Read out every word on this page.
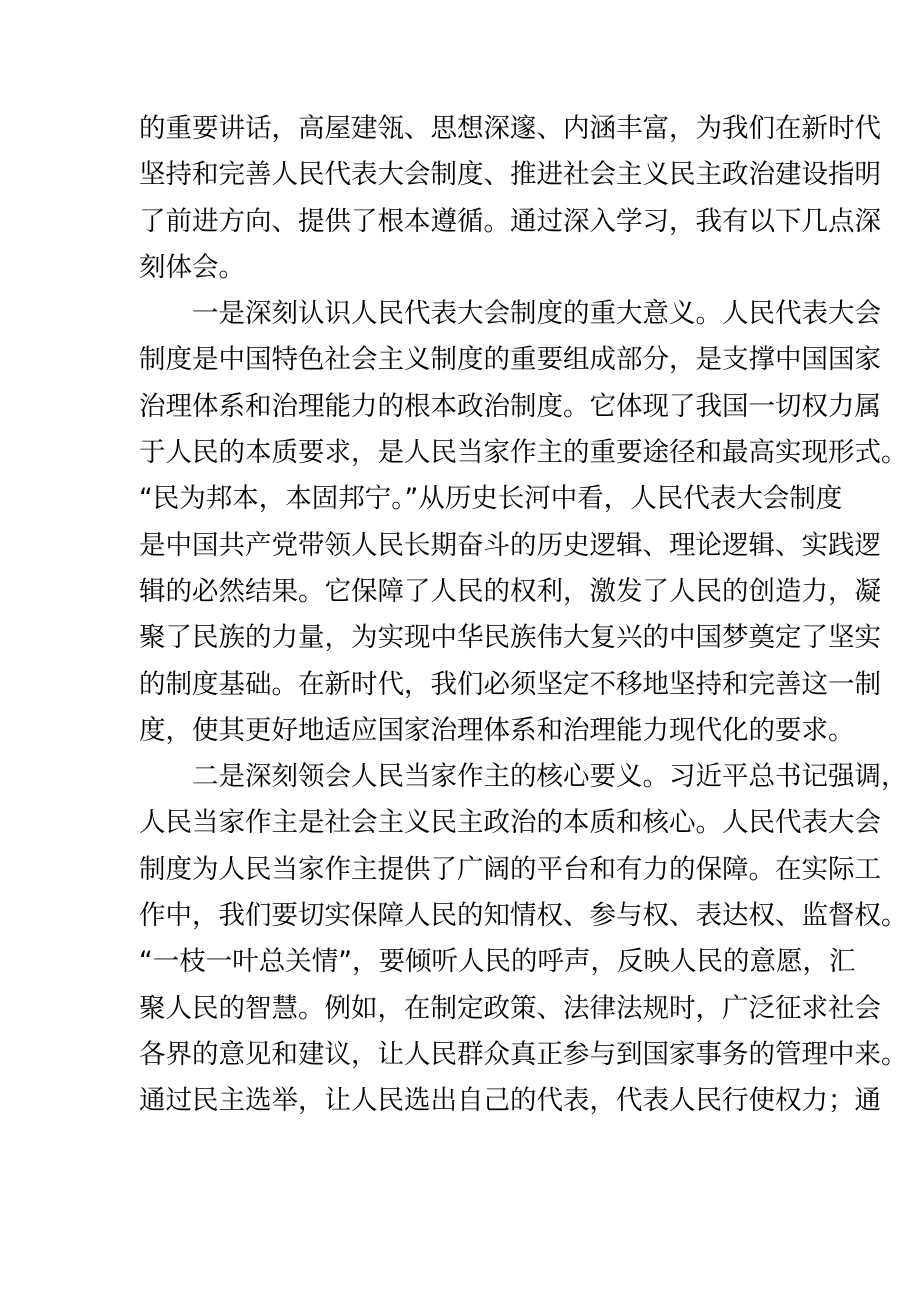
的重要讲话，高屋建瓴、思想深邃、内涵丰富，为我们在新时代
坚持和完善人民代表大会制度、推进社会主义民主政治建设指明
了前进方向、提供了根本遵循。通过深入学习，我有以下几点深
刻体会。
一是深刻认识人民代表大会制度的重大意义。人民代表大会
制度是中国特色社会主义制度的重要组成部分，是支撑中国国家
治理体系和治理能力的根本政治制度。它体现了我国一切权力属
于人民的本质要求，是人民当家作主的重要途径和最高实现形式。
“民为邦本，本固邦宁。”从历史长河中看，人民代表大会制度
是中国共产党带领人民长期奋斗的历史逻辑、理论逻辑、实践逻
辑的必然结果。它保障了人民的权利，激发了人民的创造力，凝
聚了民族的力量，为实现中华民族伟大复兴的中国梦奠定了坚实
的制度基础。在新时代，我们必须坚定不移地坚持和完善这一制
度，使其更好地适应国家治理体系和治理能力现代化的要求。
二是深刻领会人民当家作主的核心要义。习近平总书记强调，
人民当家作主是社会主义民主政治的本质和核心。人民代表大会
制度为人民当家作主提供了广阔的平台和有力的保障。在实际工
作中，我们要切实保障人民的知情权、参与权、表达权、监督权。
“一枝一叶总关情”，要倾听人民的呼声，反映人民的意愿，汇
聚人民的智慧。例如，在制定政策、法律法规时，广泛征求社会
各界的意见和建议，让人民群众真正参与到国家事务的管理中来。
通过民主选举，让人民选出自己的代表，代表人民行使权力；通
